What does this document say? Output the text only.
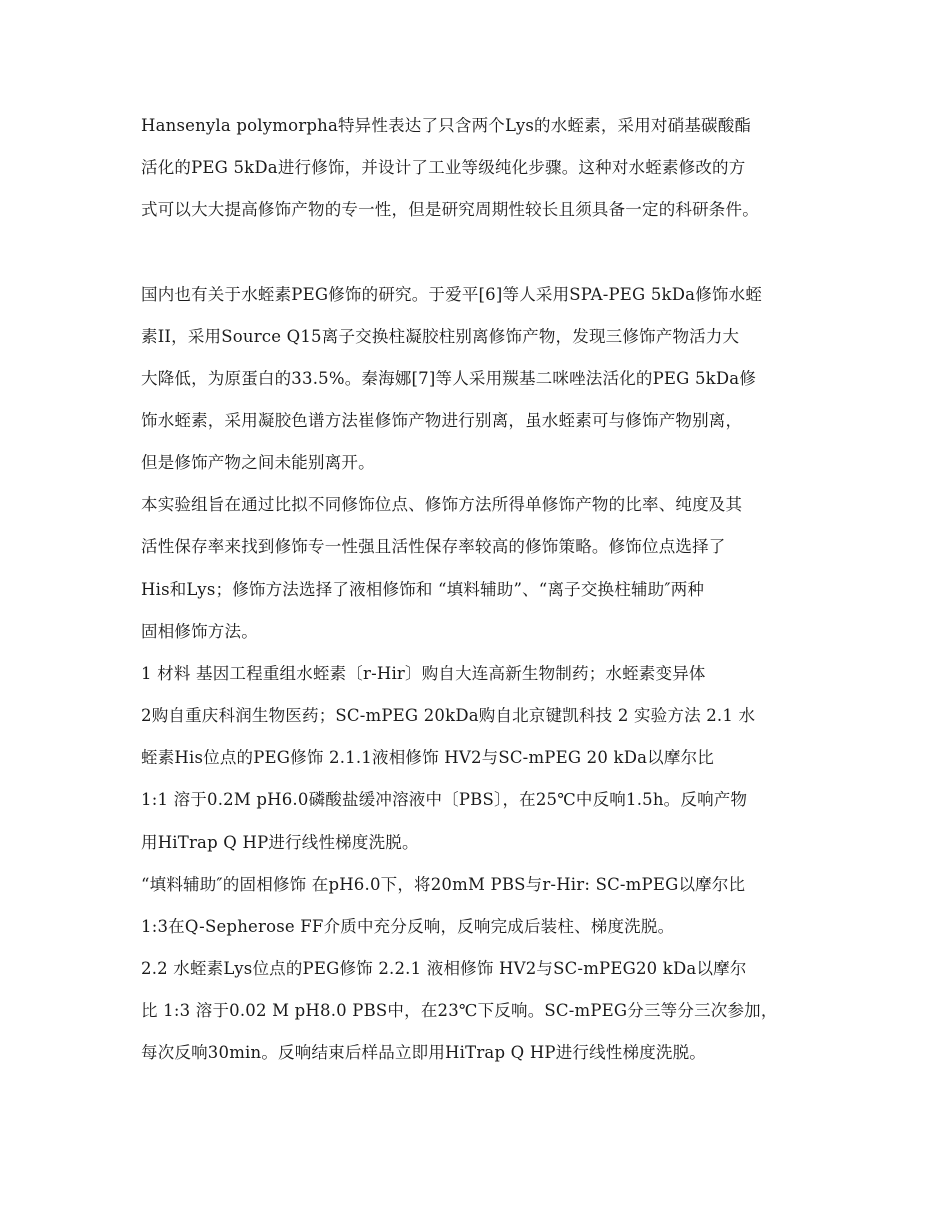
Hansenyla polymorpha特异性表达了只含两个Lys的水蛭素，采用对硝基碳酸酯
活化的PEG 5kDa进行修饰，并设计了工业等级纯化步骤。这种对水蛭素修改的方
式可以大大提高修饰产物的专一性，但是研究周期性较长且须具备一定的科研条件。
国内也有关于水蛭素PEG修饰的研究。于爱平[6]等人采用SPA-PEG 5kDa修饰水蛭
素II，采用Source Q15离子交换柱凝胶柱别离修饰产物，发现三修饰产物活力大
大降低，为原蛋白的33.5%。秦海娜[7]等人采用羰基二咪唑法活化的PEG 5kDa修
饰水蛭素，采用凝胶色谱方法崔修饰产物进行别离，虽水蛭素可与修饰产物别离，
但是修饰产物之间未能别离开。
本实验组旨在通过比拟不同修饰位点、修饰方法所得单修饰产物的比率、纯度及其
活性保存率来找到修饰专一性强且活性保存率较高的修饰策略。修饰位点选择了
His和Lys；修饰方法选择了液相修饰和 “填料辅助”、“离子交换柱辅助″两种
固相修饰方法。
1 材料 基因工程重组水蛭素〔r-Hir〕购自大连高新生物制药；水蛭素变异体
2购自重庆科润生物医药；SC-mPEG 20kDa购自北京键凯科技 2 实验方法 2.1 水
蛭素His位点的PEG修饰 2.1.1液相修饰 HV2与SC-mPEG 20 kDa以摩尔比
1:1 溶于0.2M pH6.0磷酸盐缓冲溶液中〔PBS〕，在25℃中反响1.5h。反响产物
用HiTrap Q HP进行线性梯度洗脱。
“填料辅助″的固相修饰 在pH6.0下，将20mM PBS与r-Hir: SC-mPEG以摩尔比
1:3在Q-Sepherose FF介质中充分反响，反响完成后装柱、梯度洗脱。
2.2 水蛭素Lys位点的PEG修饰 2.2.1 液相修饰 HV2与SC-mPEG20 kDa以摩尔
比 1:3 溶于0.02 M pH8.0 PBS中，在23℃下反响。SC-mPEG分三等分三次参加，
每次反响30min。反响结束后样品立即用HiTrap Q HP进行线性梯度洗脱。
